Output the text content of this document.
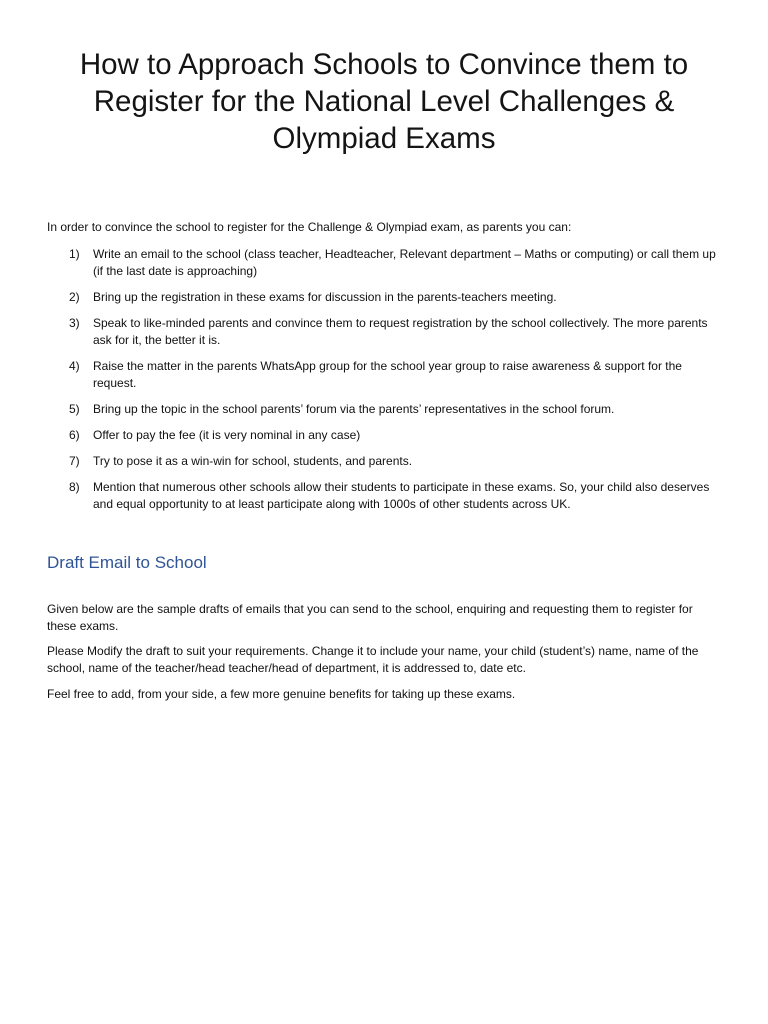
How to Approach Schools to Convince them to
Register for the National Level Challenges &
Olympiad Exams

In order to convince the school to register for the Challenge & Olympiad exam, as parents you can:

1)	Write an email to the school (class teacher, Headteacher, Relevant department – Maths or computing) or call them up (if the last date is approaching)
2)	Bring up the registration in these exams for discussion in the parents-teachers meeting.
3)	Speak to like-minded parents and convince them to request registration by the school collectively. The more parents ask for it, the better it is.
4)	Raise the matter in the parents WhatsApp group for the school year group to raise awareness & support for the request.
5)	Bring up the topic in the school parents’ forum via the parents’ representatives in the school forum.
6)	Offer to pay the fee (it is very nominal in any case)
7)	Try to pose it as a win-win for school, students, and parents.
8)	Mention that numerous other schools allow their students to participate in these exams. So, your child also deserves and equal opportunity to at least participate along with 1000s of other students across UK.
Draft Email to School

Given below are the sample drafts of emails that you can send to the school, enquiring and requesting them to register for these exams.

Please Modify the draft to suit your requirements. Change it to include your name, your child (student’s) name, name of the school, name of the teacher/head teacher/head of department, it is addressed to, date etc.

Feel free to add, from your side, a few more genuine benefits for taking up these exams.
